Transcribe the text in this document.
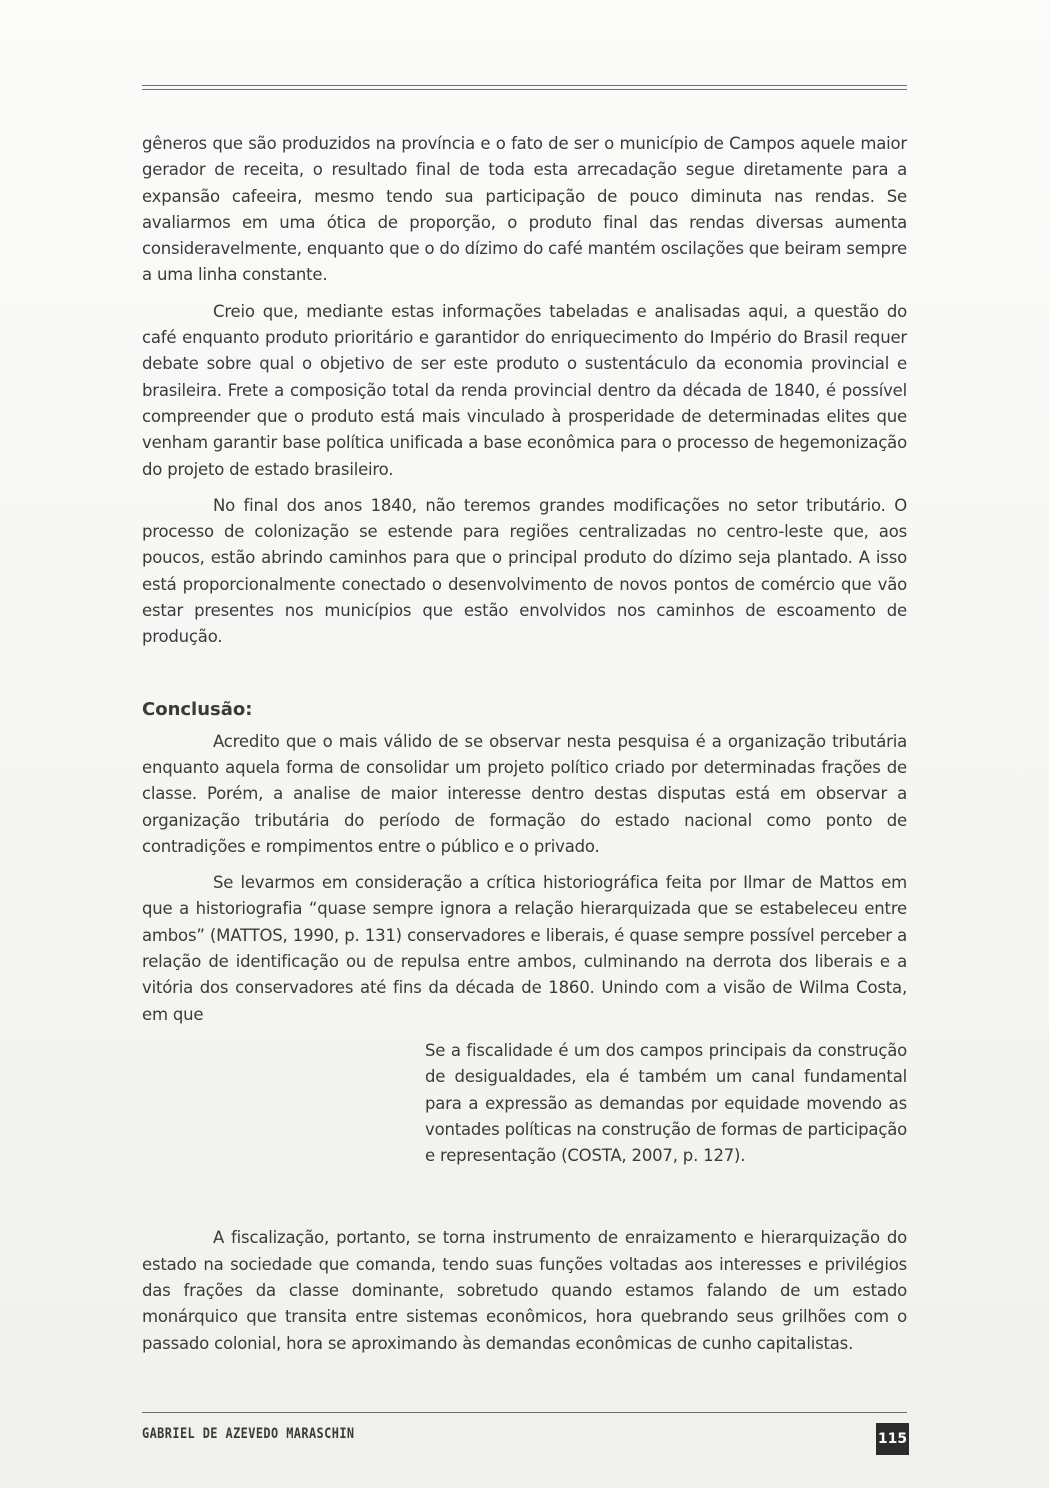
gêneros que são produzidos na província e o fato de ser o município de Campos aquele maior gerador de receita, o resultado final de toda esta arrecadação segue diretamente para a expansão cafeeira, mesmo tendo sua participação de pouco diminuta nas rendas. Se avaliarmos em uma ótica de proporção, o produto final das rendas diversas aumenta consideravelmente, enquanto que o do dízimo do café mantém oscilações que beiram sempre a uma linha constante.

Creio que, mediante estas informações tabeladas e analisadas aqui, a questão do café enquanto produto prioritário e garantidor do enriquecimento do Império do Brasil requer debate sobre qual o objetivo de ser este produto o sustentáculo da economia provincial e brasileira. Frete a composição total da renda provincial dentro da década de 1840, é possível compreender que o produto está mais vinculado à prosperidade de determinadas elites que venham garantir base política unificada a base econômica para o processo de hegemonização do projeto de estado brasileiro.

No final dos anos 1840, não teremos grandes modificações no setor tributário. O processo de colonização se estende para regiões centralizadas no centro-leste que, aos poucos, estão abrindo caminhos para que o principal produto do dízimo seja plantado. A isso está proporcionalmente conectado o desenvolvimento de novos pontos de comércio que vão estar presentes nos municípios que estão envolvidos nos caminhos de escoamento de produção.

Conclusão:

Acredito que o mais válido de se observar nesta pesquisa é a organização tributária enquanto aquela forma de consolidar um projeto político criado por determinadas frações de classe. Porém, a analise de maior interesse dentro destas disputas está em observar a organização tributária do período de formação do estado nacional como ponto de contradições e rompimentos entre o público e o privado.

Se levarmos em consideração a crítica historiográfica feita por Ilmar de Mattos em que a historiografia “quase sempre ignora a relação hierarquizada que se estabeleceu entre ambos” (MATTOS, 1990, p. 131) conservadores e liberais, é quase sempre possível perceber a relação de identificação ou de repulsa entre ambos, culminando na derrota dos liberais e a vitória dos conservadores até fins da década de 1860. Unindo com a visão de Wilma Costa, em que

Se a fiscalidade é um dos campos principais da construção de desigualdades, ela é também um canal fundamental para a expressão as demandas por equidade movendo as vontades políticas na construção de formas de participação e representação (COSTA, 2007, p. 127).

A fiscalização, portanto, se torna instrumento de enraizamento e hierarquização do estado na sociedade que comanda, tendo suas funções voltadas aos interesses e privilégios das frações da classe dominante, sobretudo quando estamos falando de um estado monárquico que transita entre sistemas econômicos, hora quebrando seus grilhões com o passado colonial, hora se aproximando às demandas econômicas de cunho capitalistas.

GABRIEL DE AZEVEDO MARASCHIN	115
